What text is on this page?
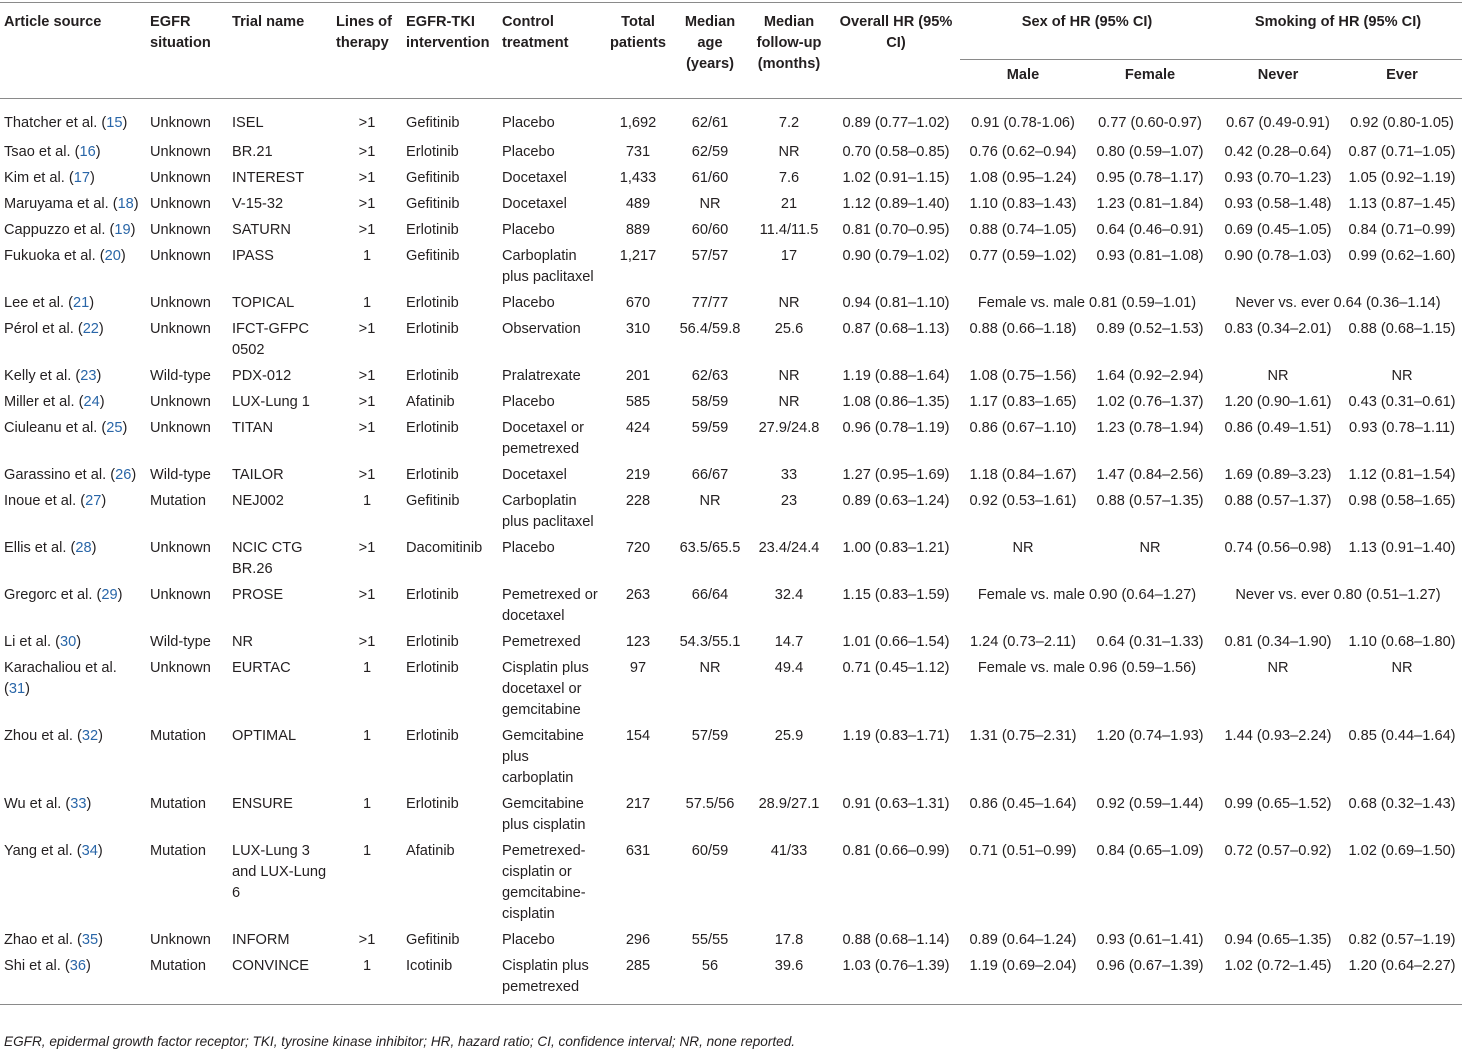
Article source	EGFR situation	Trial name	Lines of therapy	EGFR-TKI intervention	Control treatment	Total patients	Median age (years)	Median follow-up (months)	Overall HR (95% CI)	Sex of HR (95% CI)		Smoking of HR (95% CI)	
										Male	Female	Never	Ever
Thatcher et al. (15)	Unknown	ISEL	>1	Gefitinib	Placebo	1,692	62/61	7.2	0.89 (0.77–1.02)	0.91 (0.78-1.06)	0.77 (0.60-0.97)	0.67 (0.49-0.91)	0.92 (0.80-1.05)
Tsao et al. (16)	Unknown	BR.21	>1	Erlotinib	Placebo	731	62/59	NR	0.70 (0.58–0.85)	0.76 (0.62–0.94)	0.80 (0.59–1.07)	0.42 (0.28–0.64)	0.87 (0.71–1.05)
Kim et al. (17)	Unknown	INTEREST	>1	Gefitinib	Docetaxel	1,433	61/60	7.6	1.02 (0.91–1.15)	1.08 (0.95–1.24)	0.95 (0.78–1.17)	0.93 (0.70–1.23)	1.05 (0.92–1.19)
Maruyama et al. (18)	Unknown	V-15-32	>1	Gefitinib	Docetaxel	489	NR	21	1.12 (0.89–1.40)	1.10 (0.83–1.43)	1.23 (0.81–1.84)	0.93 (0.58–1.48)	1.13 (0.87–1.45)
Cappuzzo et al. (19)	Unknown	SATURN	>1	Erlotinib	Placebo	889	60/60	11.4/11.5	0.81 (0.70–0.95)	0.88 (0.74–1.05)	0.64 (0.46–0.91)	0.69 (0.45–1.05)	0.84 (0.71–0.99)
Fukuoka et al. (20)	Unknown	IPASS	1	Gefitinib	Carboplatin plus paclitaxel	1,217	57/57	17	0.90 (0.79–1.02)	0.77 (0.59–1.02)	0.93 (0.81–1.08)	0.90 (0.78–1.03)	0.99 (0.62–1.60)
Lee et al. (21)	Unknown	TOPICAL	1	Erlotinib	Placebo	670	77/77	NR	0.94 (0.81–1.10)	Female vs. male 0.81 (0.59–1.01)		Never vs. ever 0.64 (0.36–1.14)	
Pérol et al. (22)	Unknown	IFCT-GFPC 0502	>1	Erlotinib	Observation	310	56.4/59.8	25.6	0.87 (0.68–1.13)	0.88 (0.66–1.18)	0.89 (0.52–1.53)	0.83 (0.34–2.01)	0.88 (0.68–1.15)
Kelly et al. (23)	Wild-type	PDX-012	>1	Erlotinib	Pralatrexate	201	62/63	NR	1.19 (0.88–1.64)	1.08 (0.75–1.56)	1.64 (0.92–2.94)	NR	NR
Miller et al. (24)	Unknown	LUX-Lung 1	>1	Afatinib	Placebo	585	58/59	NR	1.08 (0.86–1.35)	1.17 (0.83–1.65)	1.02 (0.76–1.37)	1.20 (0.90–1.61)	0.43 (0.31–0.61)
Ciuleanu et al. (25)	Unknown	TITAN	>1	Erlotinib	Docetaxel or pemetrexed	424	59/59	27.9/24.8	0.96 (0.78–1.19)	0.86 (0.67–1.10)	1.23 (0.78–1.94)	0.86 (0.49–1.51)	0.93 (0.78–1.11)
Garassino et al. (26)	Wild-type	TAILOR	>1	Erlotinib	Docetaxel	219	66/67	33	1.27 (0.95–1.69)	1.18 (0.84–1.67)	1.47 (0.84–2.56)	1.69 (0.89–3.23)	1.12 (0.81–1.54)
Inoue et al. (27)	Mutation	NEJ002	1	Gefitinib	Carboplatin plus paclitaxel	228	NR	23	0.89 (0.63–1.24)	0.92 (0.53–1.61)	0.88 (0.57–1.35)	0.88 (0.57–1.37)	0.98 (0.58–1.65)
Ellis et al. (28)	Unknown	NCIC CTG BR.26	>1	Dacomitinib	Placebo	720	63.5/65.5	23.4/24.4	1.00 (0.83–1.21)	NR	NR	0.74 (0.56–0.98)	1.13 (0.91–1.40)
Gregorc et al. (29)	Unknown	PROSE	>1	Erlotinib	Pemetrexed or docetaxel	263	66/64	32.4	1.15 (0.83–1.59)	Female vs. male 0.90 (0.64–1.27)		Never vs. ever 0.80 (0.51–1.27)	
Li et al. (30)	Wild-type	NR	>1	Erlotinib	Pemetrexed	123	54.3/55.1	14.7	1.01 (0.66–1.54)	1.24 (0.73–2.11)	0.64 (0.31–1.33)	0.81 (0.34–1.90)	1.10 (0.68–1.80)
Karachaliou et al. (31)	Unknown	EURTAC	1	Erlotinib	Cisplatin plus docetaxel or gemcitabine	97	NR	49.4	0.71 (0.45–1.12)	Female vs. male 0.96 (0.59–1.56)		NR	NR
Zhou et al. (32)	Mutation	OPTIMAL	1	Erlotinib	Gemcitabine plus carboplatin	154	57/59	25.9	1.19 (0.83–1.71)	1.31 (0.75–2.31)	1.20 (0.74–1.93)	1.44 (0.93–2.24)	0.85 (0.44–1.64)
Wu et al. (33)	Mutation	ENSURE	1	Erlotinib	Gemcitabine plus cisplatin	217	57.5/56	28.9/27.1	0.91 (0.63–1.31)	0.86 (0.45–1.64)	0.92 (0.59–1.44)	0.99 (0.65–1.52)	0.68 (0.32–1.43)
Yang et al. (34)	Mutation	LUX-Lung 3 and LUX-Lung 6	1	Afatinib	Pemetrexed-cisplatin or gemcitabine-cisplatin	631	60/59	41/33	0.81 (0.66–0.99)	0.71 (0.51–0.99)	0.84 (0.65–1.09)	0.72 (0.57–0.92)	1.02 (0.69–1.50)
Zhao et al. (35)	Unknown	INFORM	>1	Gefitinib	Placebo	296	55/55	17.8	0.88 (0.68–1.14)	0.89 (0.64–1.24)	0.93 (0.61–1.41)	0.94 (0.65–1.35)	0.82 (0.57–1.19)
Shi et al. (36)	Mutation	CONVINCE	1	Icotinib	Cisplatin plus pemetrexed	285	56	39.6	1.03 (0.76–1.39)	1.19 (0.69–2.04)	0.96 (0.67–1.39)	1.02 (0.72–1.45)	1.20 (0.64–2.27)
EGFR, epidermal growth factor receptor; TKI, tyrosine kinase inhibitor; HR, hazard ratio; CI, confidence interval; NR, none reported.
